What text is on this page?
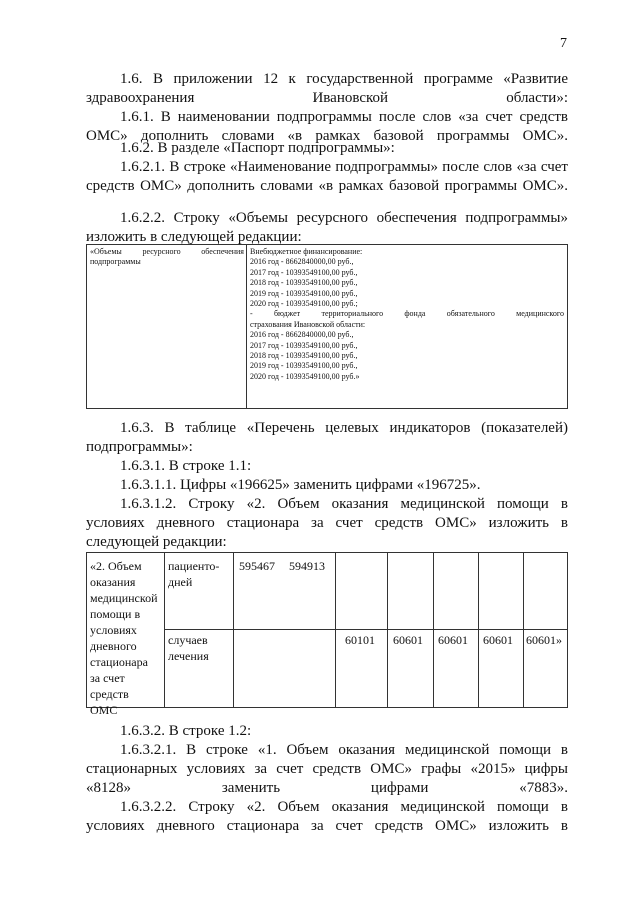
7

1.6. В приложении 12 к государственной программе «Развитие здравоохранения Ивановской области»:

1.6.1. В наименовании подпрограммы после слов «за счет средств ОМС» дополнить словами «в рамках базовой программы ОМС».

1.6.2. В разделе «Паспорт подпрограммы»:

1.6.2.1. В строке «Наименование подпрограммы» после слов «за счет средств ОМС» дополнить словами «в рамках базовой программы ОМС».

1.6.2.2. Строку «Объемы ресурсного обеспечения подпрограммы» изложить в следующей редакции:

«Объемы ресурсного обеспечения подпрограммы
Внебюджетное финансирование:
2016 год - 8662840000,00 руб.,
2017 год - 10393549100,00 руб.,
2018 год - 10393549100,00 руб.,
2019 год - 10393549100,00 руб.,
2020 год - 10393549100,00 руб.;
- бюджет территориального фонда обязательного медицинского
страхования Ивановской области:
2016 год - 8662840000,00 руб.,
2017 год - 10393549100,00 руб.,
2018 год - 10393549100,00 руб.,
2019 год - 10393549100,00 руб.,
2020 год - 10393549100,00 руб.»

1.6.3. В таблице «Перечень целевых индикаторов (показателей) подпрограммы»:

1.6.3.1. В строке 1.1:

1.6.3.1.1. Цифры «196625» заменить цифрами «196725».

1.6.3.1.2. Строку «2. Объем оказания медицинской помощи в условиях дневного стационара за счет средств ОМС» изложить в следующей редакции:

«2. Объем
оказания
медицинской
помощи в
условиях
дневного
стационара
за счет
средств
ОМС
пациенто-
дней
595467 594913
случаев
лечения
60101 60601 60601 60601 60601»

1.6.3.2. В строке 1.2:

1.6.3.2.1. В строке «1. Объем оказания медицинской помощи в стационарных условиях за счет средств ОМС» графы «2015» цифры «8128» заменить цифрами «7883».

1.6.3.2.2. Строку «2. Объем оказания медицинской помощи в условиях дневного стационара за счет средств ОМС» изложить в
